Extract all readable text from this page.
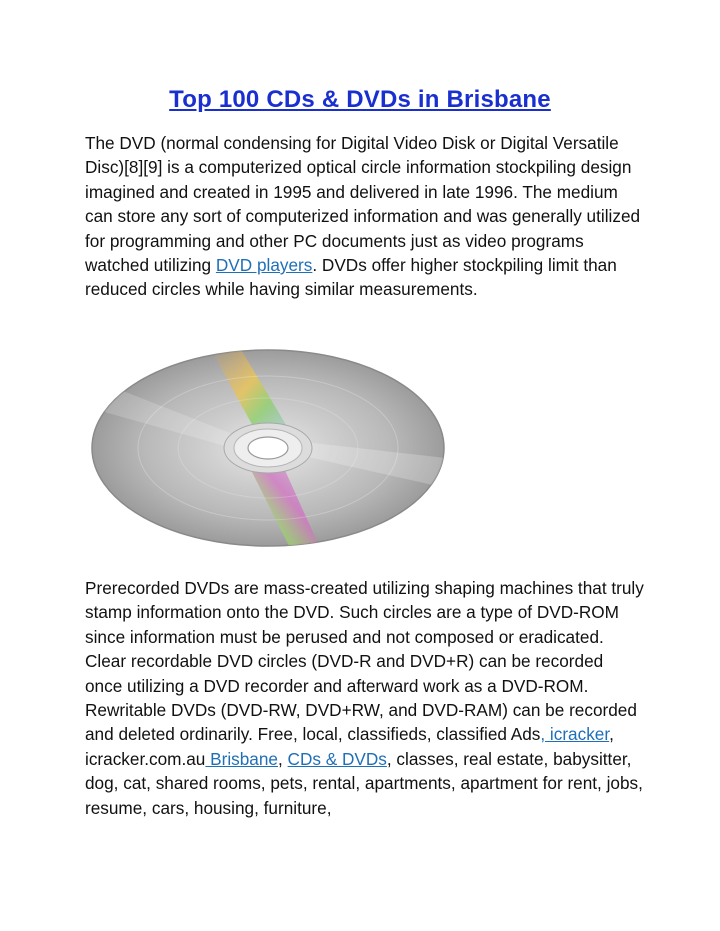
Top 100 CDs & DVDs in Brisbane

The DVD (normal condensing for Digital Video Disk or Digital Versatile Disc)[8][9] is a computerized optical circle information stockpiling design imagined and created in 1995 and delivered in late 1996. The medium can store any sort of computerized information and was generally utilized for programming and other PC documents just as video programs watched utilizing DVD players. DVDs offer higher stockpiling limit than reduced circles while having similar measurements.

Prerecorded DVDs are mass-created utilizing shaping machines that truly stamp information onto the DVD. Such circles are a type of DVD-ROM since information must be perused and not composed or eradicated. Clear recordable DVD circles (DVD-R and DVD+R) can be recorded once utilizing a DVD recorder and afterward work as a DVD-ROM. Rewritable DVDs (DVD-RW, DVD+RW, and DVD-RAM) can be recorded and deleted ordinarily. Free, local, classifieds, classified Ads, icracker, icracker.com.au Brisbane, CDs & DVDs, classes, real estate, babysitter, dog, cat, shared rooms, pets, rental, apartments, apartment for rent, jobs, resume, cars, housing, furniture,
